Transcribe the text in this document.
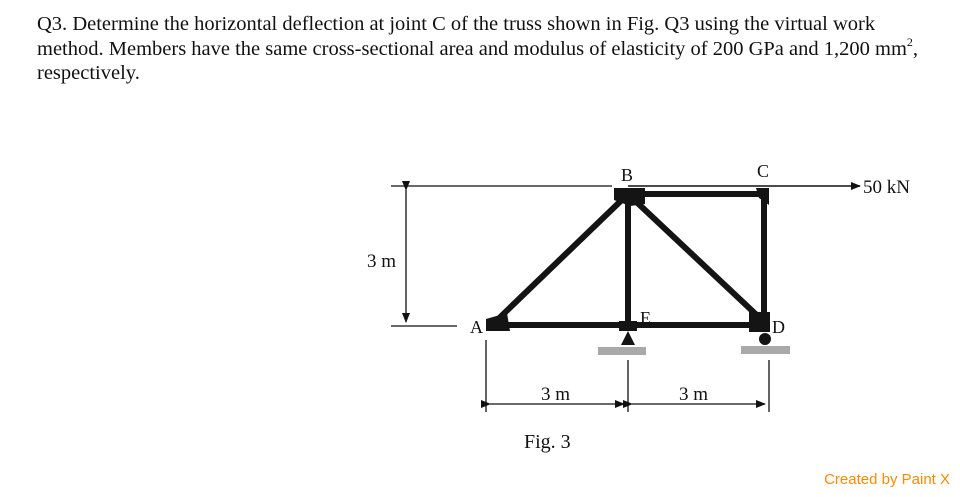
Q3. Determine the horizontal deflection at joint C of the truss shown in Fig. Q3 using the virtual work method. Members have the same cross-sectional area and modulus of elasticity of 200 GPa and 1,200 $mm^2$, respectively.

50 kN
3 m
3 m	3 m
A
B	C
D
E
Fig. 3
Created by Paint X
